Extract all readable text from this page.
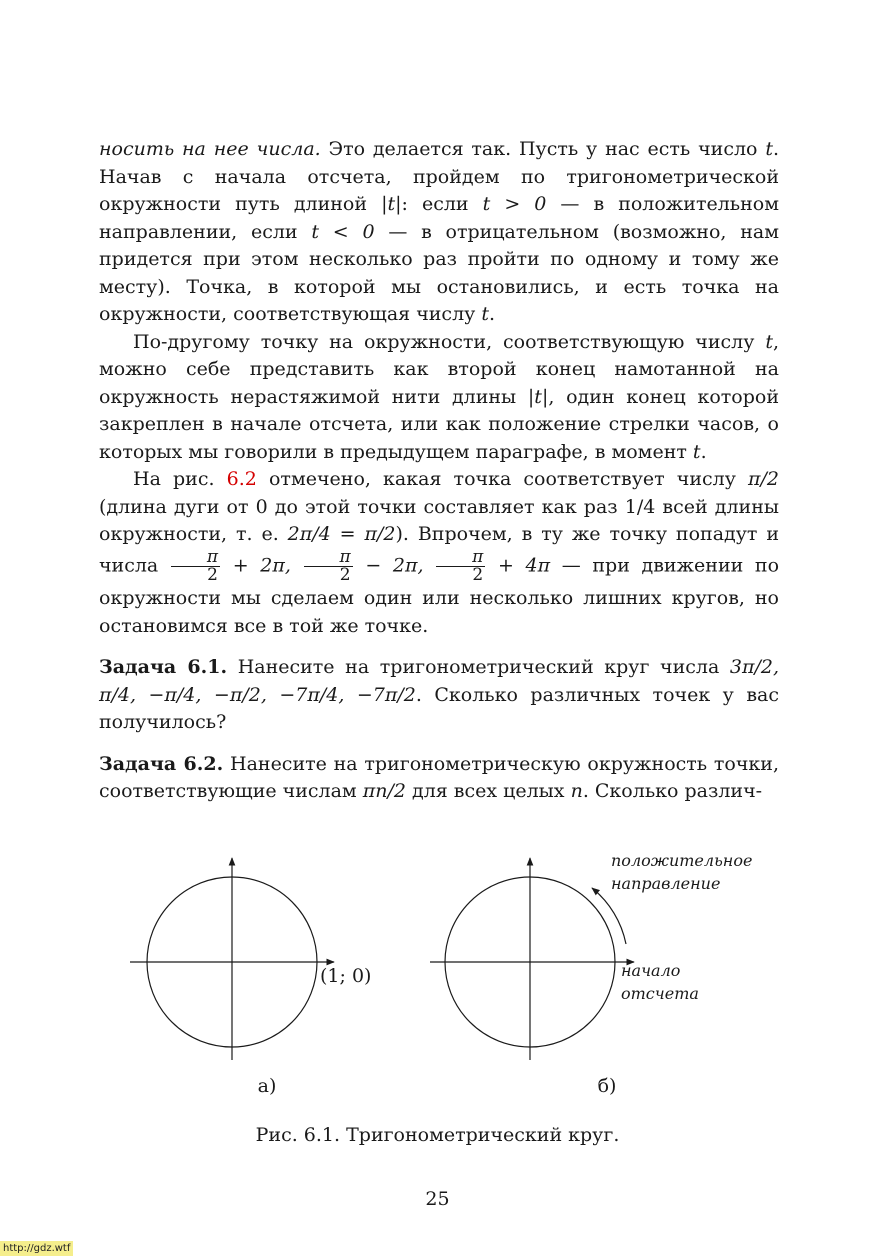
носить на нее числа. Это делается так. Пусть у нас есть число t. Начав с начала отсчета, пройдем по тригонометрической окружности путь длиной |t|: если t > 0 — в положительном направлении, если t < 0 — в отрицательном (возможно, нам придется при этом несколько раз пройти по одному и тому же месту). Точка, в которой мы остановились, и есть точка на окружности, соответствующая числу t.

По-другому точку на окружности, соответствующую числу t, можно себе представить как второй конец намотанной на окружность нерастяжимой нити длины |t|, один конец которой закреплен в начале отсчета, или как положение стрелки часов, о которых мы говорили в предыдущем параграфе, в момент t.

На рис. 6.2 отмечено, какая точка соответствует числу π/2 (длина дуги от 0 до этой точки составляет как раз 1/4 всей длины окружности, т. е. 2π/4 = π/2). Впрочем, в ту же точку попадут и числа $\frac{\pi}{2} + 2\pi$, $\frac{\pi}{2} - 2\pi$, $\frac{\pi}{2} + 4\pi$ — при движении по окружности мы сделаем один или несколько лишних кругов, но остановимся все в той же точке.

Задача 6.1. Нанесите на тригонометрический круг числа 3π/2, π/4, −π/4, −π/2, −7π/4, −7π/2. Сколько различных точек у вас получилось?

Задача 6.2. Нанесите на тригонометрическую окружность точки, соответствующие числам πn/2 для всех целых n. Сколько различ-

(1; 0)
а)
положительное
направление
начало
отсчета
б)
Рис. 6.1. Тригонометрический круг.
25
http://gdz.wtf
